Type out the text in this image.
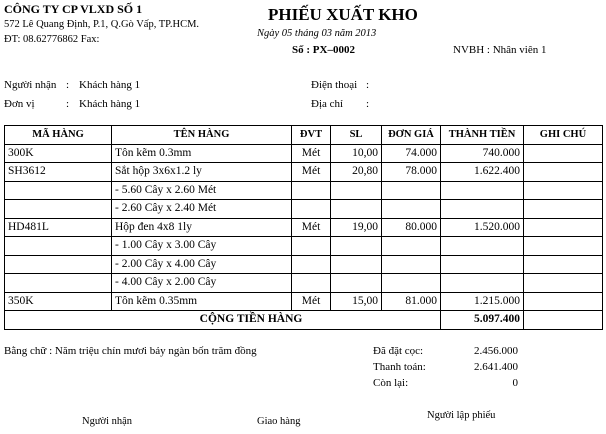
CÔNG TY CP VLXD SỐ 1
572 Lê Quang Định, P.1, Q.Gò Vấp, TP.HCM.
ĐT: 08.62776862 Fax:
PHIẾU XUẤT KHO
Ngày 05 tháng 03 năm 2013
Số : PX–0002	NVBH : Nhân viên 1
Người nhận : Khách hàng 1
Đơn vị	: Khách hàng 1
Điện thoại :
Địa chỉ :
MÃ HÀNG	TÊN HÀNG	ĐVT	SL	ĐƠN GIÁ	THÀNH TIỀN	GHI CHÚ
300K	Tôn kẽm 0.3mm	Mét	10,00	74.000	740.000	
SH3612	Sắt hộp 3x6x1.2 ly	Mét	20,80	78.000	1.622.400	
	- 5.60 Cây x 2.60 Mét					
	- 2.60 Cây x 2.40 Mét					
HD481L	Hộp đen 4x8 1ly	Mét	19,00	80.000	1.520.000	
	- 1.00 Cây x 3.00 Cây					
	- 2.00 Cây x 4.00 Cây					
	- 4.00 Cây x 2.00 Cây					
350K	Tôn kẽm 0.35mm	Mét	15,00	81.000	1.215.000	
CỘNG TIỀN HÀNG					5.097.400	
Bằng chữ : Năm triệu chín mươi bảy ngàn bốn trăm đồng	Đã đặt cọc:	2.456.000
Thanh toán:	2.641.400
Còn lại:	0
Người nhận	Giao hàng
Người lập phiếu
